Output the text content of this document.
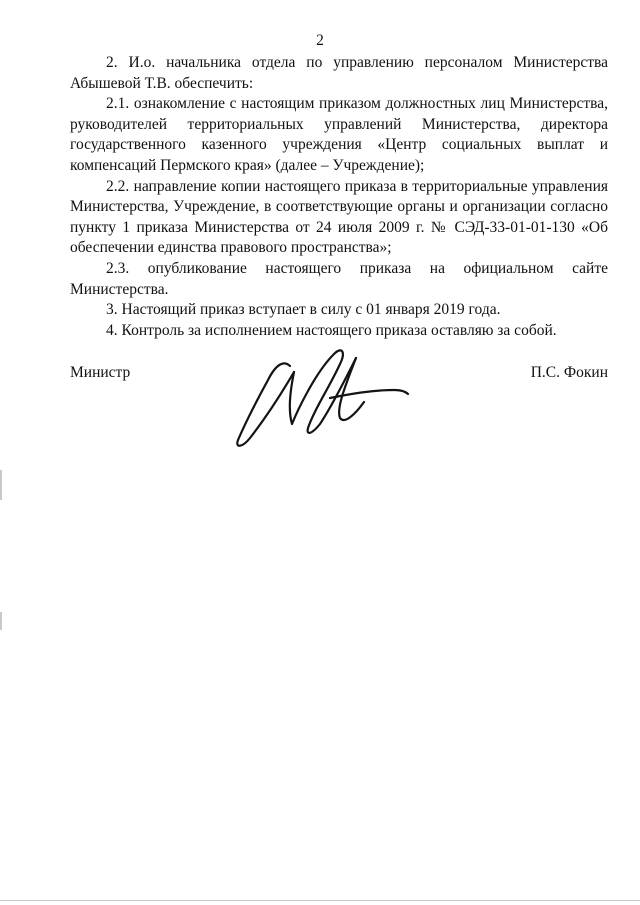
2

2. И.о. начальника отдела по управлению персоналом Министерства Абышевой Т.В. обеспечить:

2.1. ознакомление с настоящим приказом должностных лиц Министерства, руководителей территориальных управлений Министерства, директора государственного казенного учреждения «Центр социальных выплат и компенсаций Пермского края» (далее – Учреждение);

2.2. направление копии настоящего приказа в территориальные управления Министерства, Учреждение, в соответствующие органы и организации согласно пункту 1 приказа Министерства от 24 июля 2009 г. № СЭД-33-01-01-130 «Об обеспечении единства правового пространства»;

2.3. опубликование настоящего приказа на официальном сайте Министерства.

3. Настоящий приказ вступает в силу с 01 января 2019 года.

4. Контроль за исполнением настоящего приказа оставляю за собой.

Министр	П.С. Фокин
